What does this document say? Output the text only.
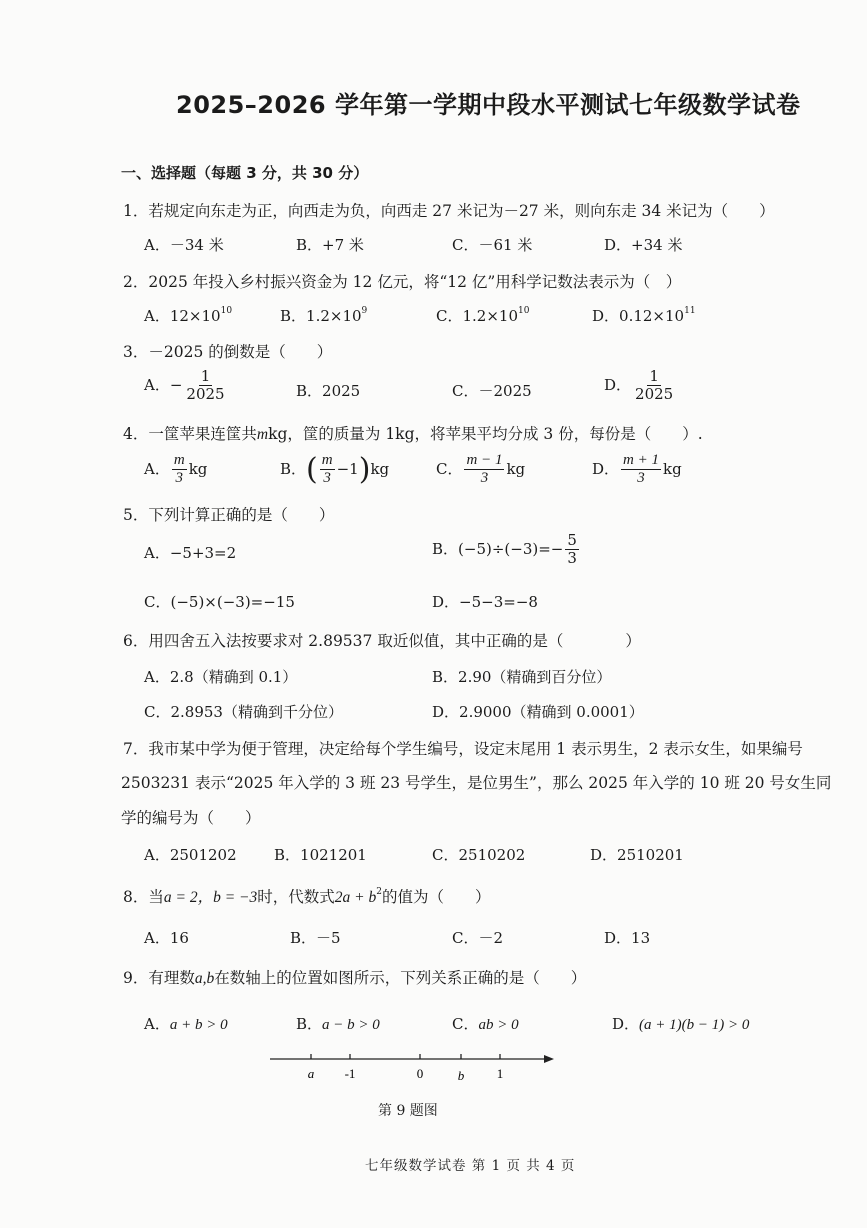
2025–2026 学年第一学期中段水平测试七年级数学试卷
一、选择题（每题 3 分，共 30 分）
1．若规定向东走为正，向西走为负，向西走 27 米记为－27 米，则向东走 34 米记为（　　）
A．－34 米	B．+7 米	C．－61 米	D．+34 米
2．2025 年投入乡村振兴资金为 12 亿元，将“12 亿”用科学记数法表示为（　）
A．$12\times 10^{10}$	B．$1.2\times 10^9$	C．$1.2\times 10^{10}$	D．$0.12\times 10^{11}$
3．－2025 的倒数是（　　）
A．− $\frac{1}{2025}$	B．2025	C．－2025	D． $\frac{1}{2025}$
4．一筐苹果连筐共mkg，筐的质量为 1kg，将苹果平均分成 3 份，每份是（　　）.
A． $\frac{m}{3}$ kg	B．( $\frac{m}{3} -1)kg$	C． $\frac{m - 1}{3}$ kg	D． $\frac{m + 1}{3}$ kg
5．下列计算正确的是（　　）
A．−5+3=2	B．$(-5)\div(-3)=- \frac{5}{3}$
C．(−5)×(−3)=−15	D．−5−3=−8
6．用四舍五入法按要求对 2.89537 取近似值，其中正确的是（　　　　）
A．2.8（精确到 0.1）	B．2.90（精确到百分位）
C．2.8953（精确到千分位）	D．2.9000（精确到 0.0001）
7．我市某中学为便于管理，决定给每个学生编号，设定末尾用 1 表示男生，2 表示女生，如果编号
2503231 表示“2025 年入学的 3 班 23 号学生，是位男生”，那么 2025 年入学的 10 班 20 号女生同
学的编号为（　　）
A．2501202 B．1021201	C．2510202	D．2510201
8．当a = 2，b = −3时，代数式$2a + b^2$的值为（　　）
A．16	B．－5	C．－2	D．13
9．有理数a,b在数轴上的位置如图所示，下列关系正确的是（　　）
A．a + b > 0	B．a − b > 0	C．ab > 0	D．(a + 1)(b − 1) > 0
a -1	0	b	1
第 9 题图
七年级数学试卷 第 1 页 共 4 页
